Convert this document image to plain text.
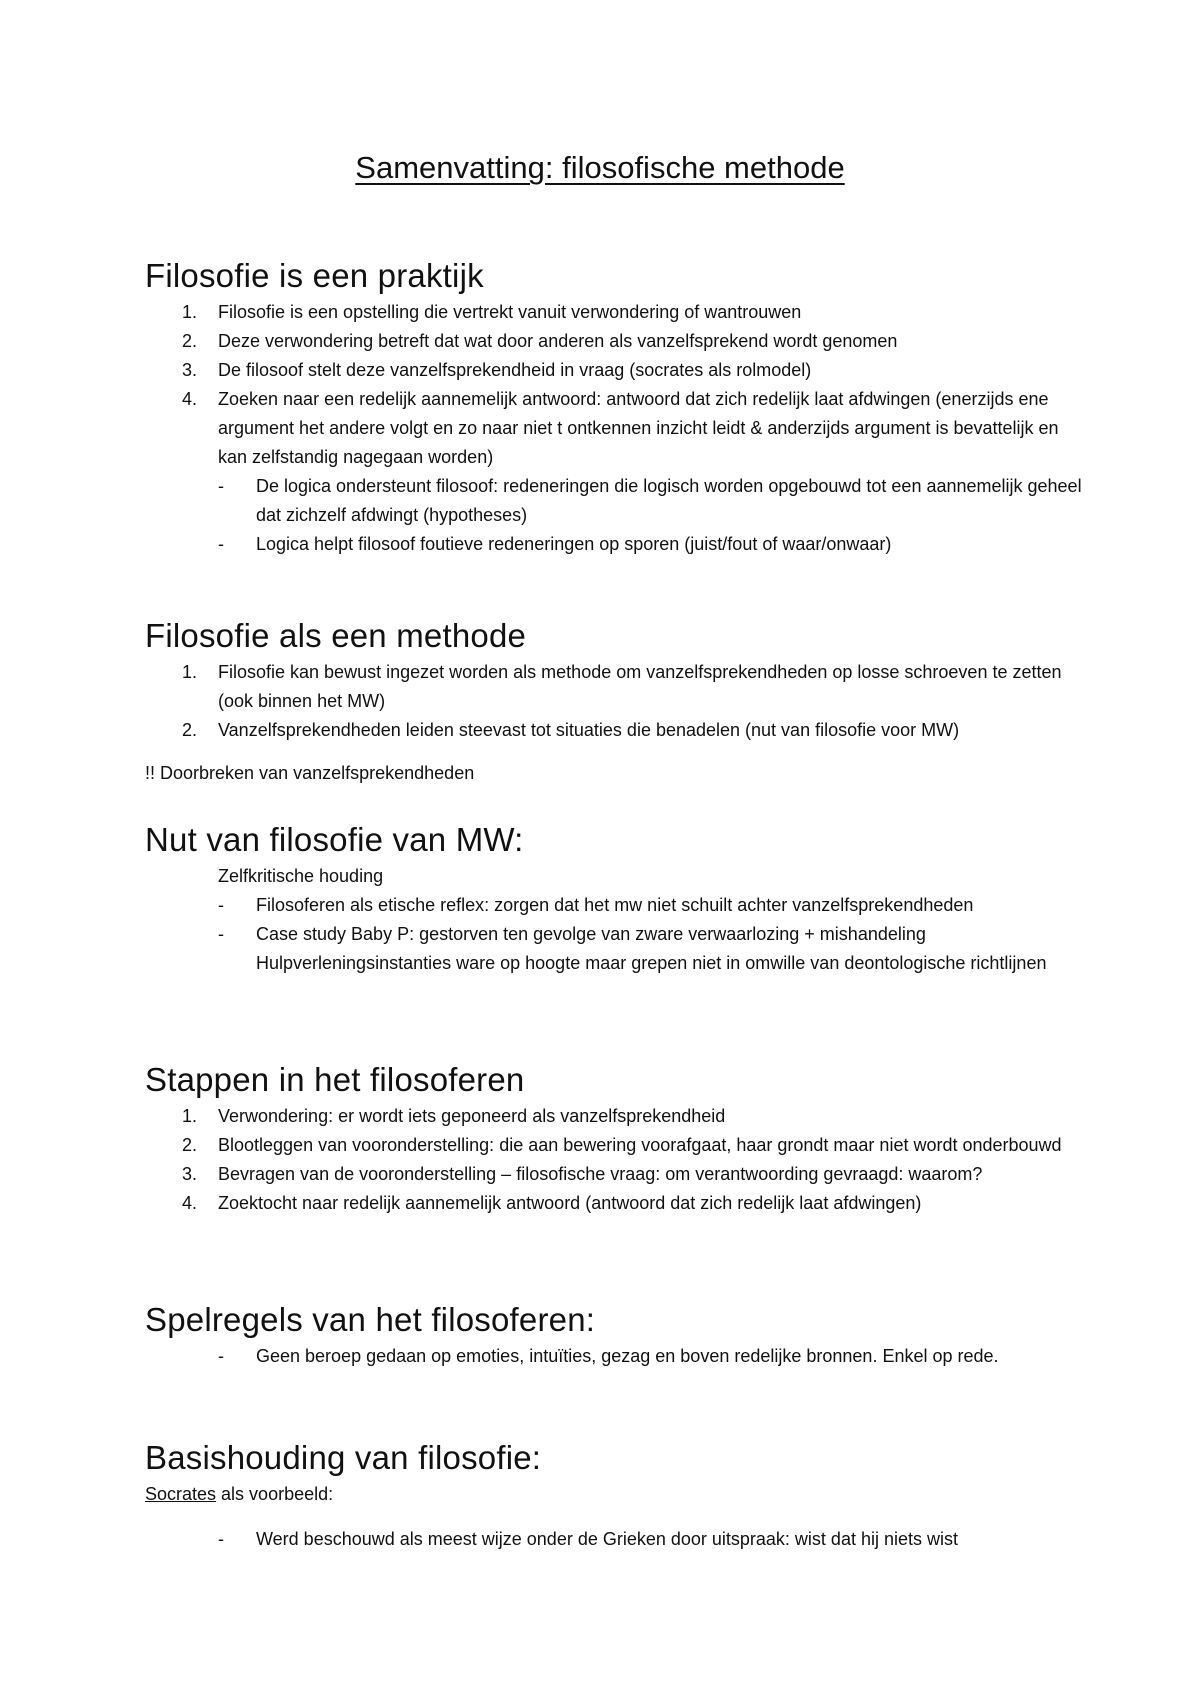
Samenvatting: filosofische methode
Filosofie is een praktijk
1. Filosofie is een opstelling die vertrekt vanuit verwondering of wantrouwen
2. Deze verwondering betreft dat wat door anderen als vanzelfsprekend wordt genomen
3. De filosoof stelt deze vanzelfsprekendheid in vraag (socrates als rolmodel)
4. Zoeken naar een redelijk aannemelijk antwoord: antwoord dat zich redelijk laat afdwingen (enerzijds ene argument het andere volgt en zo naar niet t ontkennen inzicht leidt & anderzijds argument is bevattelijk en kan zelfstandig nagegaan worden)
- De logica ondersteunt filosoof: redeneringen die logisch worden opgebouwd tot een aannemelijk geheel dat zichzelf afdwingt (hypotheses)
- Logica helpt filosoof foutieve redeneringen op sporen (juist/fout of waar/onwaar)
Filosofie als een methode
1. Filosofie kan bewust ingezet worden als methode om vanzelfsprekendheden op losse schroeven te zetten (ook binnen het MW)
2. Vanzelfsprekendheden leiden steevast tot situaties die benadelen (nut van filosofie voor MW)

!! Doorbreken van vanzelfsprekendheden

Nut van filosofie van MW:

Zelfkritische houding

- Filosoferen als etische reflex: zorgen dat het mw niet schuilt achter vanzelfsprekendheden
- Case study Baby P: gestorven ten gevolge van zware verwaarlozing + mishandeling Hulpverleningsinstanties ware op hoogte maar grepen niet in omwille van deontologische richtlijnen
Stappen in het filosoferen
1. Verwondering: er wordt iets geponeerd als vanzelfsprekendheid
2. Blootleggen van vooronderstelling: die aan bewering voorafgaat, haar grondt maar niet wordt onderbouwd
3. Bevragen van de vooronderstelling – filosofische vraag: om verantwoording gevraagd: waarom?
4. Zoektocht naar redelijk aannemelijk antwoord (antwoord dat zich redelijk laat afdwingen)
Spelregels van het filosoferen:
- Geen beroep gedaan op emoties, intuïties, gezag en boven redelijke bronnen. Enkel op rede.
Basishouding van filosofie:

Socrates als voorbeeld:

- Werd beschouwd als meest wijze onder de Grieken door uitspraak: wist dat hij niets wist
